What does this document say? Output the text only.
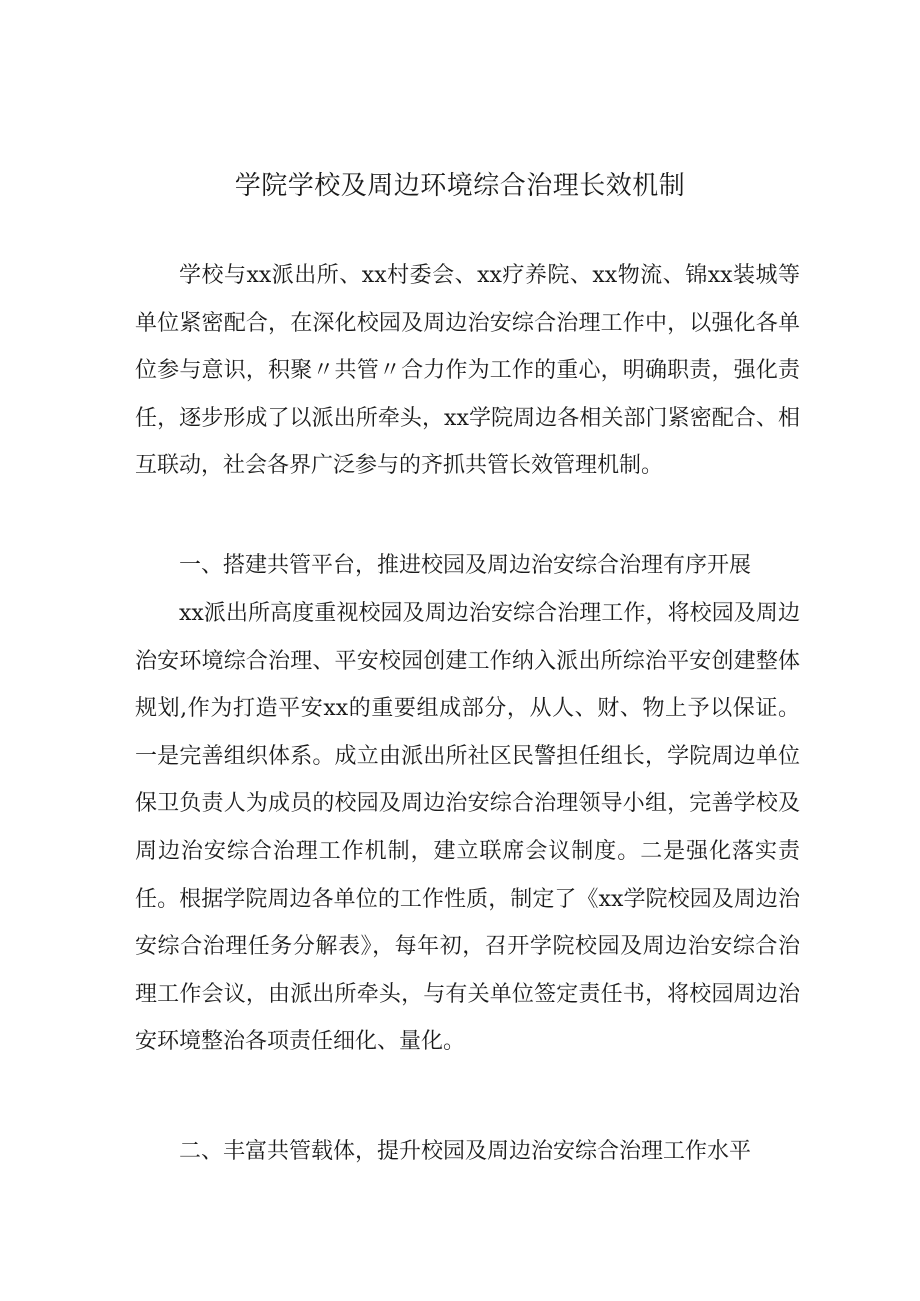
学院学校及周边环境综合治理长效机制

学校与xx派出所、xx村委会、xx疗养院、xx物流、锦xx装城等单位紧密配合，在深化校园及周边治安综合治理工作中，以强化各单位参与意识，积聚〃共管〃合力作为工作的重心，明确职责，强化责任，逐步形成了以派出所牵头，xx学院周边各相关部门紧密配合、相互联动，社会各界广泛参与的齐抓共管长效管理机制。

一、搭建共管平台，推进校园及周边治安综合治理有序开展

xx派出所高度重视校园及周边治安综合治理工作，将校园及周边治安环境综合治理、平安校园创建工作纳入派出所综治平安创建整体规划,作为打造平安xx的重要组成部分，从人、财、物上予以保证。一是完善组织体系。成立由派出所社区民警担任组长，学院周边单位保卫负责人为成员的校园及周边治安综合治理领导小组，完善学校及周边治安综合治理工作机制，建立联席会议制度。二是强化落实责任。根据学院周边各单位的工作性质，制定了《xx学院校园及周边治安综合治理任务分解表》，每年初，召开学院校园及周边治安综合治理工作会议，由派出所牵头，与有关单位签定责任书，将校园周边治安环境整治各项责任细化、量化。

二、丰富共管载体，提升校园及周边治安综合治理工作水平
